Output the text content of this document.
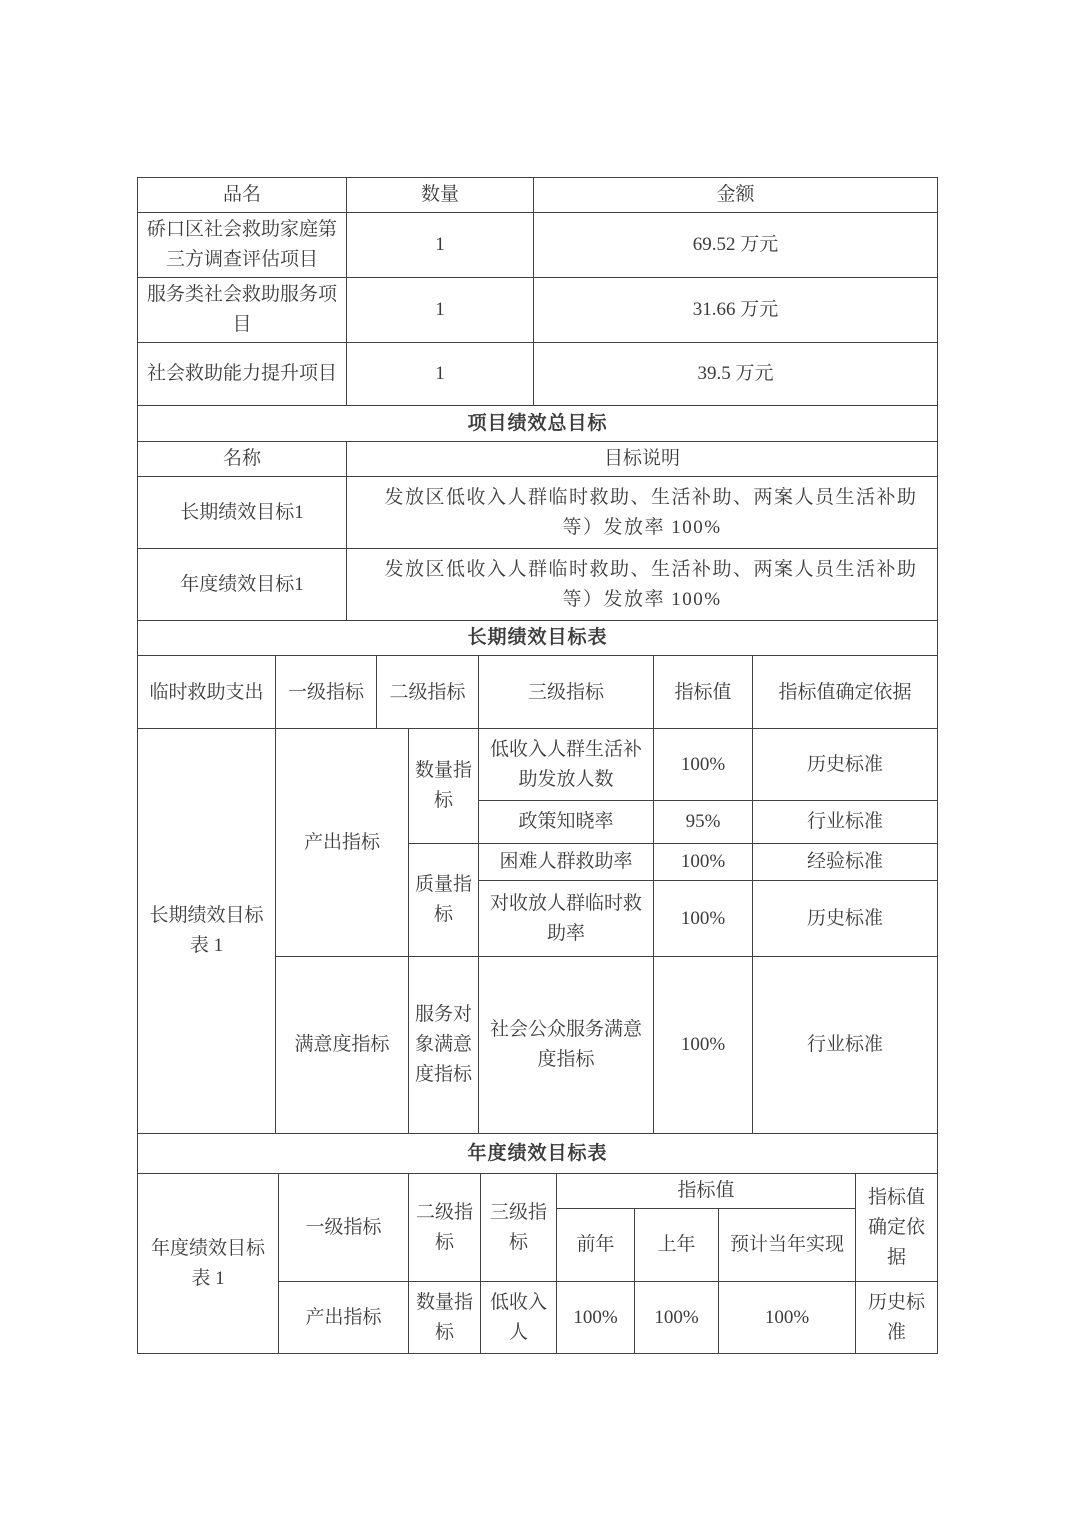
品名	数量	金额
硚口区社会救助家庭第三方调查评估项目	1	69.52 万元
服务类社会救助服务项目	1	31.66 万元
社会救助能力提升项目	1	39.5 万元
项目绩效总目标	
名称	目标说明
长期绩效目标1	发放区低收入人群临时救助、生活补助、两案人员生活补助等）发放率 100%
年度绩效目标1	发放区低收入人群临时救助、生活补助、两案人员生活补助等）发放率 100%
长期绩效目标表						
临时救助支出	一级指标	二级指标		三级指标	指标值	指标值确定依据
长期绩效目标表 1	产出指标		数量指标	低收入人群生活补助发放人数	100%	历史标准
				政策知晓率	95%	行业标准
			质量指标	困难人群救助率	100%	经验标准
				对收放人群临时救助率	100%	历史标准
	满意度指标		服务对象满意度指标	社会公众服务满意度指标	100%	行业标准
年度绩效目标表							
年度绩效目标表 1	一级指标	二级指标	三级指标	指标值			指标值确定依据
				前年	上年	预计当年实现	
	产出指标	数量指标	低收入人	100%	100%	100%	历史标准
